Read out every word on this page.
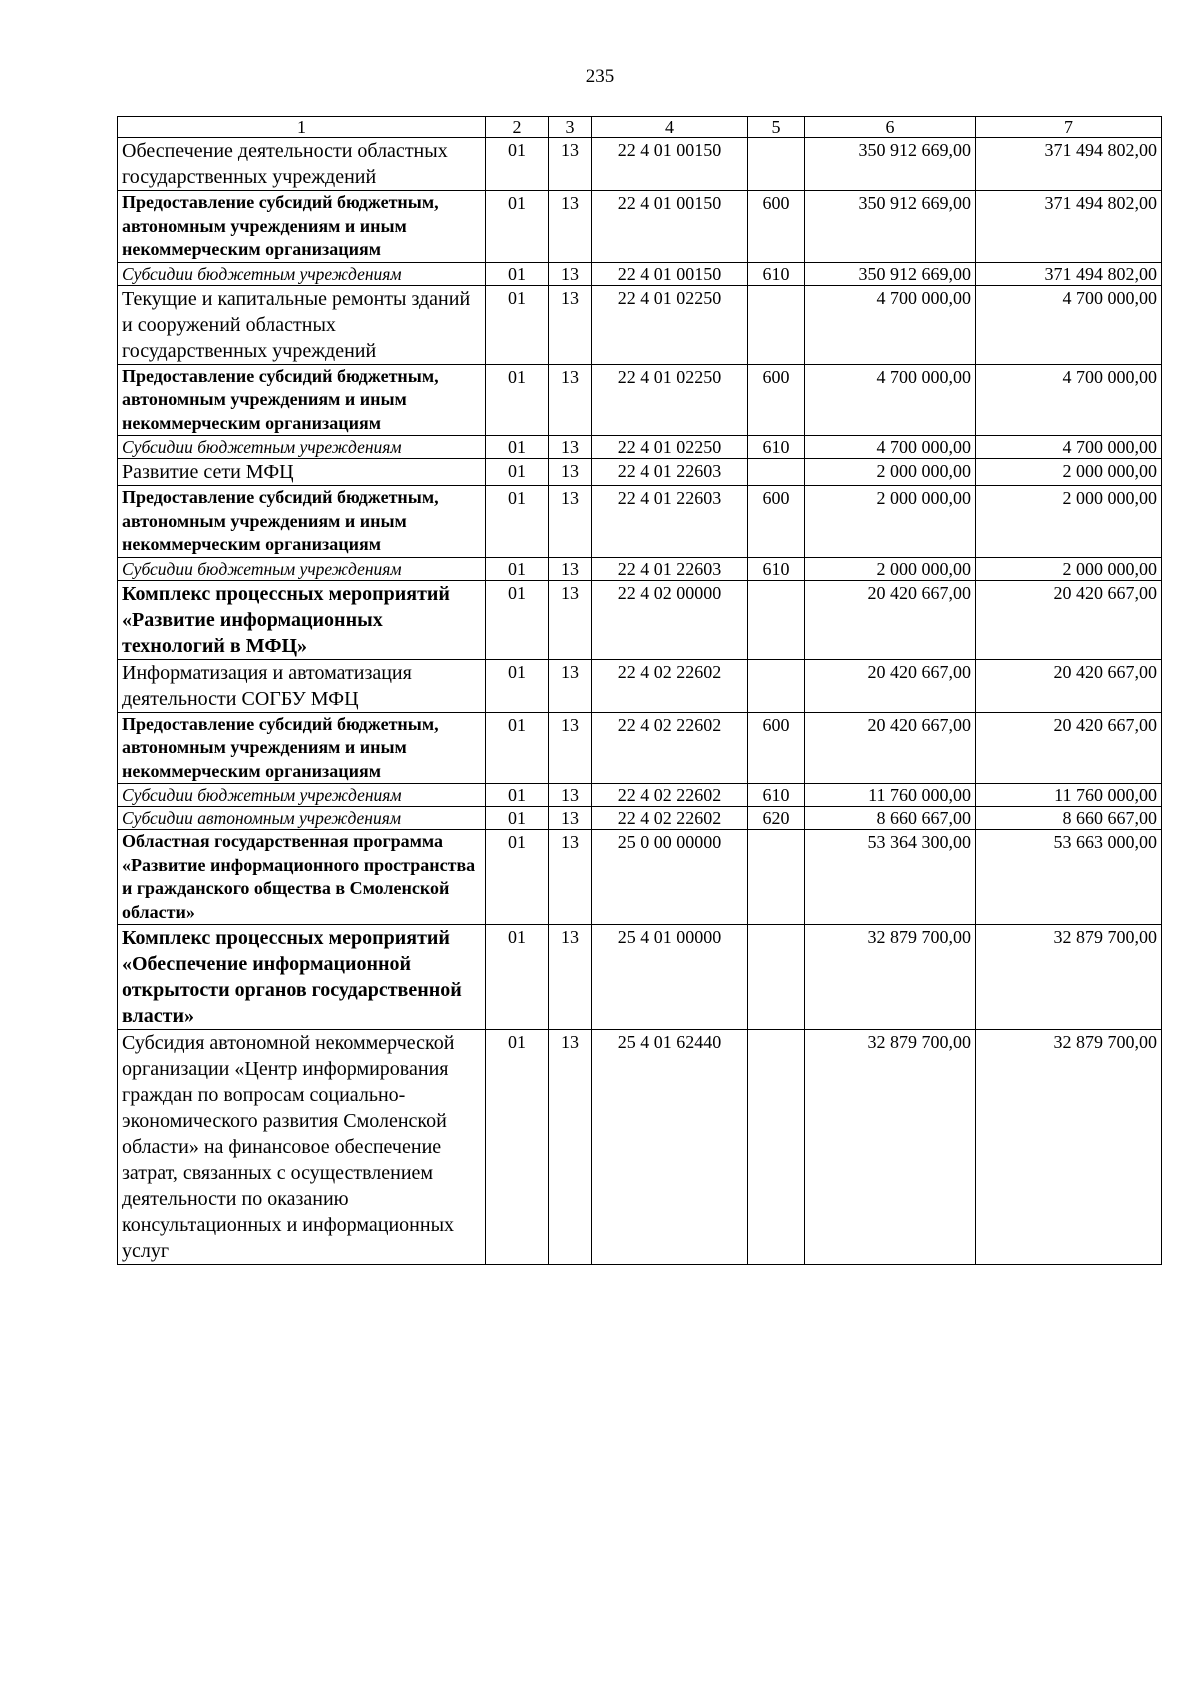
235
1	2	3	4	5	6	7
Обеспечение деятельности областных государственных учреждений	01	13	22 4 01 00150		350 912 669,00	371 494 802,00
Предоставление субсидий бюджетным, автономным учреждениям и иным некоммерческим организациям	01	13	22 4 01 00150	600	350 912 669,00	371 494 802,00
Субсидии бюджетным учреждениям	01	13	22 4 01 00150	610	350 912 669,00	371 494 802,00
Текущие и капитальные ремонты зданий и сооружений областных государственных учреждений	01	13	22 4 01 02250		4 700 000,00	4 700 000,00
Предоставление субсидий бюджетным, автономным учреждениям и иным некоммерческим организациям	01	13	22 4 01 02250	600	4 700 000,00	4 700 000,00
Субсидии бюджетным учреждениям	01	13	22 4 01 02250	610	4 700 000,00	4 700 000,00
Развитие сети МФЦ	01	13	22 4 01 22603		2 000 000,00	2 000 000,00
Предоставление субсидий бюджетным, автономным учреждениям и иным некоммерческим организациям	01	13	22 4 01 22603	600	2 000 000,00	2 000 000,00
Субсидии бюджетным учреждениям	01	13	22 4 01 22603	610	2 000 000,00	2 000 000,00
Комплекс процессных мероприятий «Развитие информационных технологий в МФЦ»	01	13	22 4 02 00000		20 420 667,00	20 420 667,00
Информатизация и автоматизация деятельности СОГБУ МФЦ	01	13	22 4 02 22602		20 420 667,00	20 420 667,00
Предоставление субсидий бюджетным, автономным учреждениям и иным некоммерческим организациям	01	13	22 4 02 22602	600	20 420 667,00	20 420 667,00
Субсидии бюджетным учреждениям	01	13	22 4 02 22602	610	11 760 000,00	11 760 000,00
Субсидии автономным учреждениям	01	13	22 4 02 22602	620	8 660 667,00	8 660 667,00
Областная государственная программа «Развитие информационного пространства и гражданского общества в Смоленской области»	01	13	25 0 00 00000		53 364 300,00	53 663 000,00
Комплекс процессных мероприятий «Обеспечение информационной открытости органов государственной власти»	01	13	25 4 01 00000		32 879 700,00	32 879 700,00
Субсидия автономной некоммерческой организации «Центр информирования граждан по вопросам социально-экономического развития Смоленской области» на финансовое обеспечение затрат, связанных с осуществлением деятельности по оказанию консультационных и информационных услуг	01	13	25 4 01 62440		32 879 700,00	32 879 700,00
